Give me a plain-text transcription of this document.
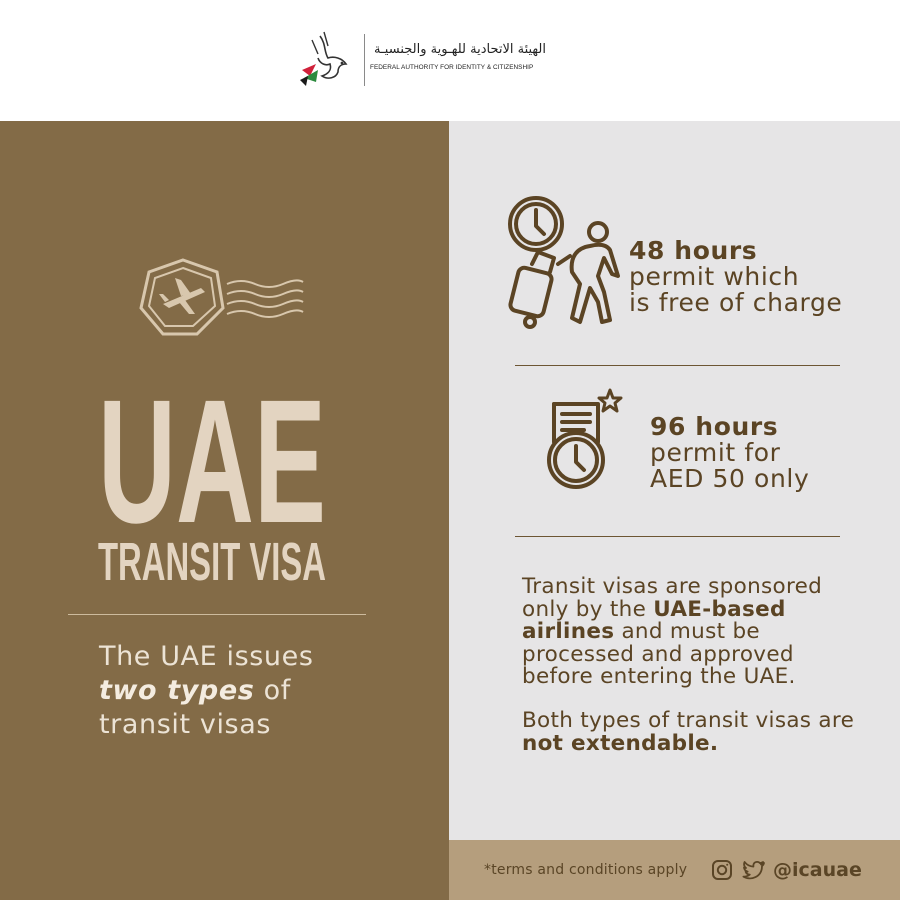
الهيئة الاتحادية للهـوية والجنسيـة
FEDERAL AUTHORITY FOR IDENTITY & CITIZENSHIP
UAE
TRANSIT VISA
The UAE issues
two types of
transit visas
48 hours
permit which
is free of charge
96 hours
permit for
AED 50 only
Transit visas are sponsored only by the UAE-based airlines and must be processed and approved before entering the UAE.
Both types of transit visas are not extendable.
*terms and conditions apply	@icauae
